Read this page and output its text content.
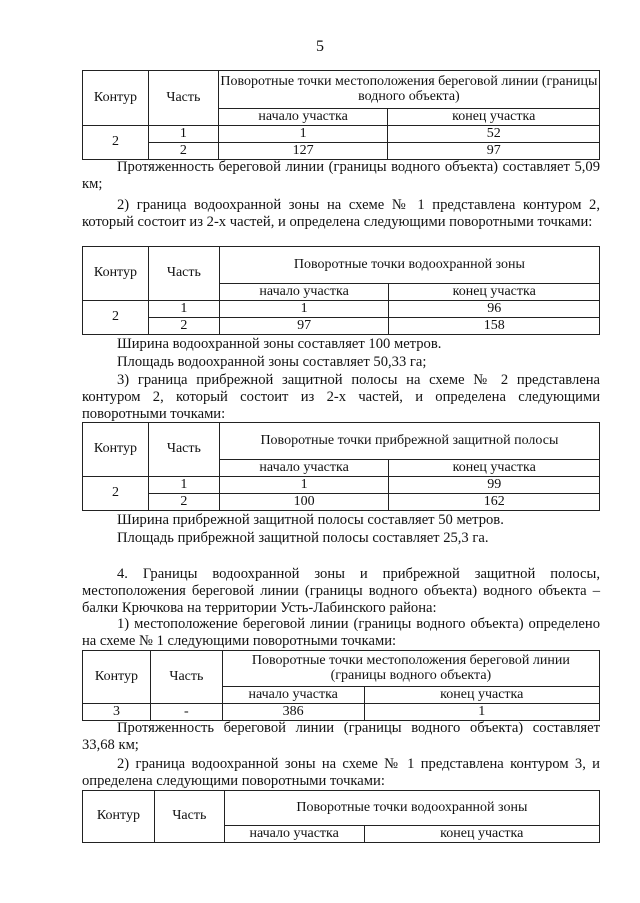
5
Контур	Часть	Поворотные точки местоположения береговой линии (границы водного объекта)	
		начало участка	конец участка
2	1	1	52
	2	127	97
Протяженность береговой линии (границы водного объекта) составляет 5,09 км;
2) граница водоохранной зоны на схеме № 1 представлена контуром 2, который состоит из 2-х частей, и определена следующими поворотными точками:
Контур	Часть	Поворотные точки водоохранной зоны	
		начало участка	конец участка
2	1	1	96
	2	97	158
Ширина водоохранной зоны составляет 100 метров.
Площадь водоохранной зоны составляет 50,33 га;
3) граница прибрежной защитной полосы на схеме № 2 представлена контуром 2, который состоит из 2-х частей, и определена следующими поворотными точками:
Контур	Часть	Поворотные точки прибрежной защитной полосы	
		начало участка	конец участка
2	1	1	99
	2	100	162
Ширина прибрежной защитной полосы составляет 50 метров.
Площадь прибрежной защитной полосы составляет 25,3 га.
4. Границы водоохранной зоны и прибрежной защитной полосы, местоположения береговой линии (границы водного объекта) водного объекта – балки Крючкова на территории Усть-Лабинского района:
1) местоположение береговой линии (границы водного объекта) определено на схеме № 1 следующими поворотными точками:
Контур	Часть	Поворотные точки местоположения береговой линии (границы водного объекта)	
		начало участка	конец участка
3	-	386	1
Протяженность береговой линии (границы водного объекта) составляет 33,68 км;
2) граница водоохранной зоны на схеме № 1 представлена контуром 3, и определена следующими поворотными точками:
Контур	Часть	Поворотные точки водоохранной зоны	
		начало участка	конец участка
